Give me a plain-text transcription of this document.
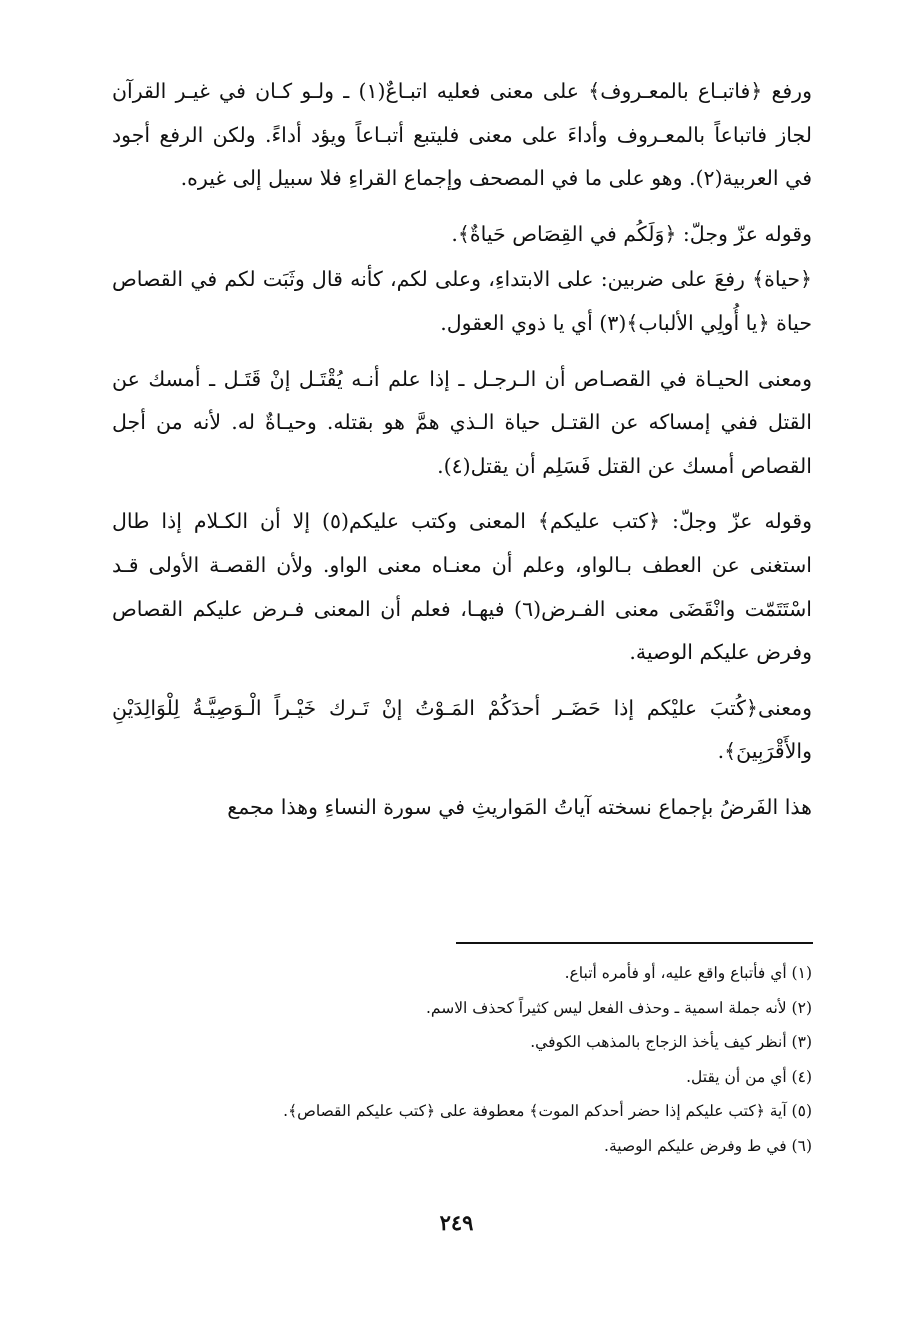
ورفع ﴿فاتبـاع بالمعـروف﴾ على معنى فعليه اتبـاعٌ(١) ـ ولـو كـان في غيـر القرآن لجاز فاتباعاً بالمعـروف وأداءَ على معنى فليتبع أتبـاعاً ويؤد أداءً. ولكن الرفع أجود في العربية(٢). وهو على ما في المصحف وإجماع القراءِ فلا سبيل إلى غيره.

وقوله عزّ وجلّ: ﴿وَلَكُم في القِصَاص حَياةٌ﴾.

﴿حياة﴾ رفعَ على ضربين: على الابتداءِ، وعلى لكم، كأنه قال وثَبَت لكم في القصاص حياة ﴿يا أُولِي الألباب﴾(٣) أي يا ذوي العقول.

ومعنى الحيـاة في القصـاص أن الـرجـل ـ إذا علم أنـه يُقْتَـل إنْ قَتَـل ـ أمسك عن القتل ففي إمساكه عن القتـل حياة الـذي همَّ هو بقتله. وحيـاةٌ له. لأنه من أجل القصاص أمسك عن القتل فَسَلِم أن يقتل(٤).

وقوله عزّ وجلّ: ﴿كتب عليكم﴾ المعنى وكتب عليكم(٥) إلا أن الكـلام إذا طال استغنى عن العطف بـالواو، وعلم أن معنـاه معنى الواو. ولأن القصـة الأولى قـد اسْتَتَمّت وانْقَضَى معنى الفـرض(٦) فيهـا، فعلم أن المعنى فـرض عليكم القصاص وفرض عليكم الوصية.

ومعنى﴿كُتبَ عليْكم إذا حَضَـر أحدَكُمْ المَـوْتُ إنْ تَـرك خَيْـراً الْـوَصِيَّـةُ لِلْوَالِدَيْنِ والأَقْرَبِينَ﴾.

هذا الفَرضُ بإجماع نسخته آياتُ المَواريثِ في سورة النساءِ وهذا مجمع

(١) أي فأتباع واقع عليه، أو فأمره أتباع.

(٢) لأنه جملة اسمية ـ وحذف الفعل ليس كثيراً كحذف الاسم.

(٣) أنظر كيف يأخذ الزجاج بالمذهب الكوفي.

(٤) أي من أن يقتل.

(٥) آية ﴿كتب عليكم إذا حضر أحدكم الموت﴾ معطوفة على ﴿كتب عليكم القصاص﴾.

(٦) في ط وفرض عليكم الوصية.

٢٤٩
